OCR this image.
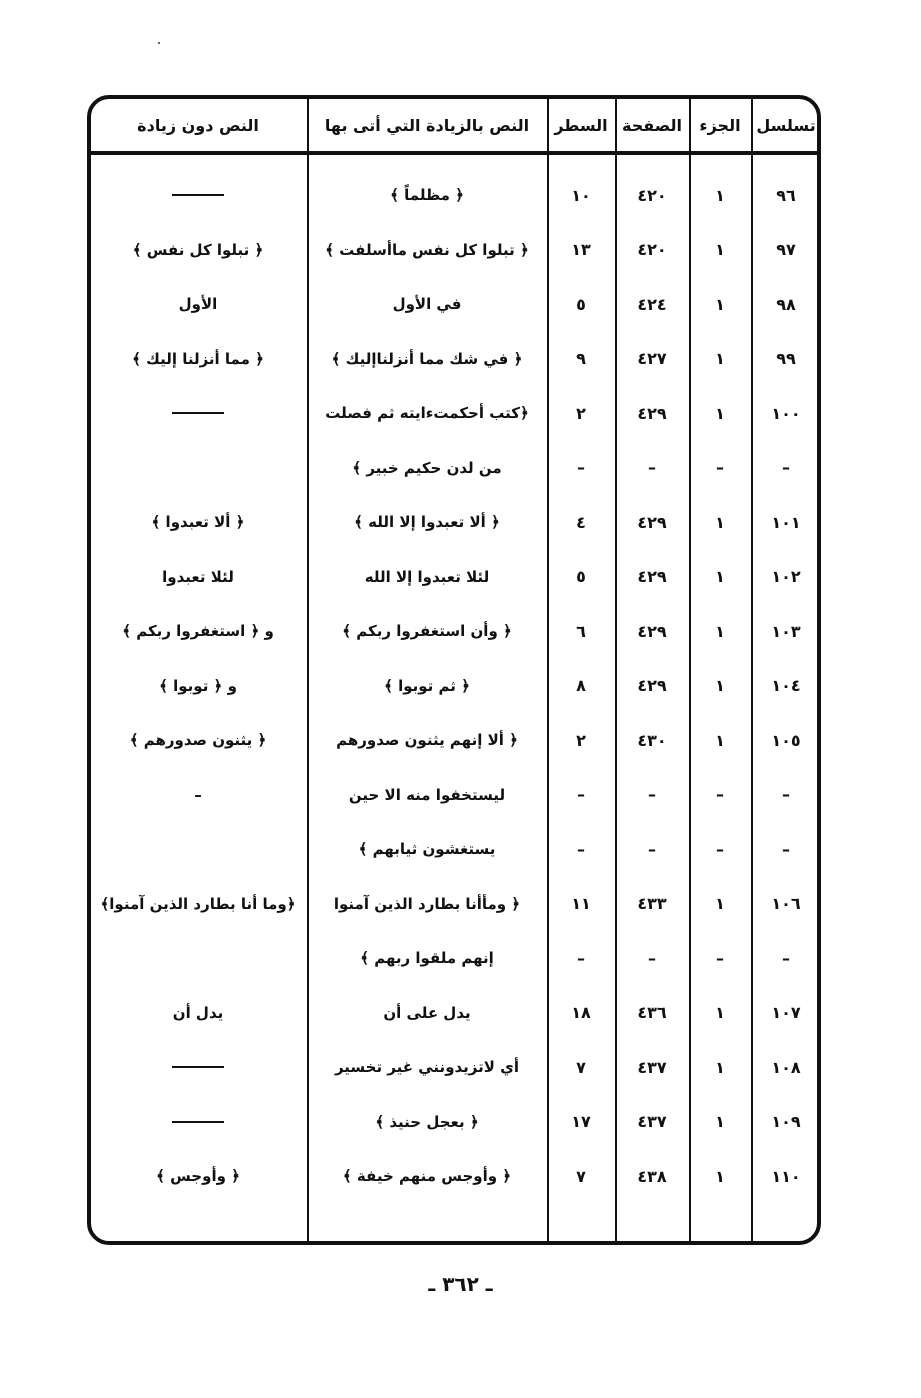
تسلسل
الجزء
الصفحة
السطر
النص بالزيادة التي أتى بها
النص دون زيادة
٩٦
١
٤٢٠
١٠
﴿ مظلماً ﴾
٩٧
١
٤٢٠
١٣
﴿ تبلوا كل نفس ماأسلفت ﴾
﴿ تبلوا كل نفس ﴾
٩٨
١
٤٢٤
٥
في الأول
الأول
٩٩
١
٤٢٧
٩
﴿ في شك مما أنزلناإليك ﴾
﴿ مما أنزلنا إليك ﴾
١٠٠
١
٤٢٩
٢
﴿كتب أحكمتءايته ثم فصلت
–
–
–
–
من لدن حكيم خبير ﴾
١٠١
١
٤٢٩
٤
﴿ ألا تعبدوا إلا الله ﴾
﴿ ألا تعبدوا ﴾
١٠٢
١
٤٢٩
٥
لئلا تعبدوا إلا الله
لئلا تعبدوا
١٠٣
١
٤٢٩
٦
﴿ وأن استغفروا ربكم ﴾
و ﴿ استغفروا ربكم ﴾
١٠٤
١
٤٢٩
٨
﴿ ثم توبوا ﴾
و ﴿ توبوا ﴾
١٠٥
١
٤٣٠
٢
﴿ ألا إنهم يثنون صدورهم
﴿ يثنون صدورهم ﴾
–
–
–
–
ليستخفوا منه الا حين
–
–
–
–
–
يستغشون ثيابهم ﴾
١٠٦
١
٤٣٣
١١
﴿ ومأأنا بطارد الذين آمنوا
﴿وما أنا بطارد الذين آمنوا﴾
–
–
–
–
إنهم ملقوا ربهم ﴾
١٠٧
١
٤٣٦
١٨
يدل على أن
يدل أن
١٠٨
١
٤٣٧
٧
أي لاتزيدونني غير تخسير
١٠٩
١
٤٣٧
١٧
﴿ بعجل حنيذ ﴾
١١٠
١
٤٣٨
٧
﴿ وأوجس منهم خيفة ﴾
﴿ وأوجس ﴾
ـ ٣٦٢ ـ
